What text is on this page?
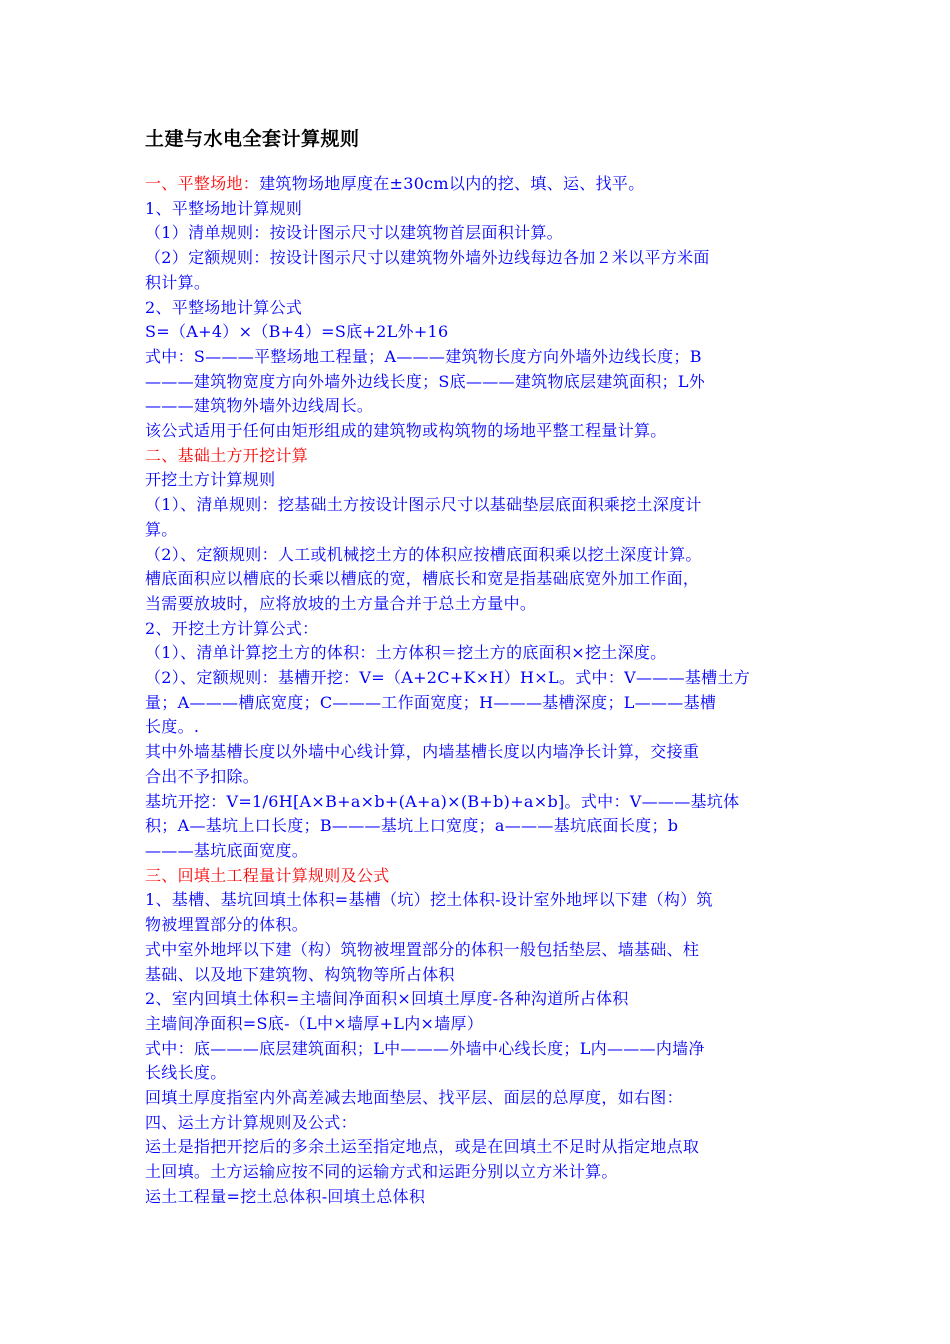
土建与水电全套计算规则
一、平整场地：建筑物场地厚度在±30cm以内的挖、填、运、找平。
1、平整场地计算规则
（1）清单规则：按设计图示尺寸以建筑物首层面积计算。
（2）定额规则：按设计图示尺寸以建筑物外墙外边线每边各加２米以平方米面
积计算。
2、平整场地计算公式
S=（A+4）×（B+4）=S底+2L外+16
式中：S———平整场地工程量；A———建筑物长度方向外墙外边线长度；B
———建筑物宽度方向外墙外边线长度；S底———建筑物底层建筑面积；L外
———建筑物外墙外边线周长。
该公式适用于任何由矩形组成的建筑物或构筑物的场地平整工程量计算。
二、基础土方开挖计算
开挖土方计算规则
（1）、清单规则：挖基础土方按设计图示尺寸以基础垫层底面积乘挖土深度计
算。
（2）、定额规则：人工或机械挖土方的体积应按槽底面积乘以挖土深度计算。
槽底面积应以槽底的长乘以槽底的宽，槽底长和宽是指基础底宽外加工作面，
当需要放坡时，应将放坡的土方量合并于总土方量中。
2、开挖土方计算公式：
（1）、清单计算挖土方的体积：土方体积＝挖土方的底面积×挖土深度。
（2）、定额规则：基槽开挖：V=（A+2C+K×H）H×L。式中：V———基槽土方
量；A———槽底宽度；C———工作面宽度；H———基槽深度；L———基槽
长度。.
其中外墙基槽长度以外墙中心线计算，内墙基槽长度以内墙净长计算，交接重
合出不予扣除。
基坑开挖：V=1/6H[A×B+a×b+(A+a)×(B+b)+a×b]。式中：V———基坑体
积；A—基坑上口长度；B———基坑上口宽度；a———基坑底面长度；b
———基坑底面宽度。
三、回填土工程量计算规则及公式
1、基槽、基坑回填土体积=基槽（坑）挖土体积-设计室外地坪以下建（构）筑
物被埋置部分的体积。
式中室外地坪以下建（构）筑物被埋置部分的体积一般包括垫层、墙基础、柱
基础、以及地下建筑物、构筑物等所占体积
2、室内回填土体积=主墙间净面积×回填土厚度-各种沟道所占体积
主墙间净面积=S底-（L中×墙厚+L内×墙厚）
式中：底———底层建筑面积；L中———外墙中心线长度；L内———内墙净
长线长度。
回填土厚度指室内外高差减去地面垫层、找平层、面层的总厚度，如右图：
四、运土方计算规则及公式：
运土是指把开挖后的多余土运至指定地点，或是在回填土不足时从指定地点取
土回填。土方运输应按不同的运输方式和运距分别以立方米计算。
运土工程量=挖土总体积-回填土总体积
